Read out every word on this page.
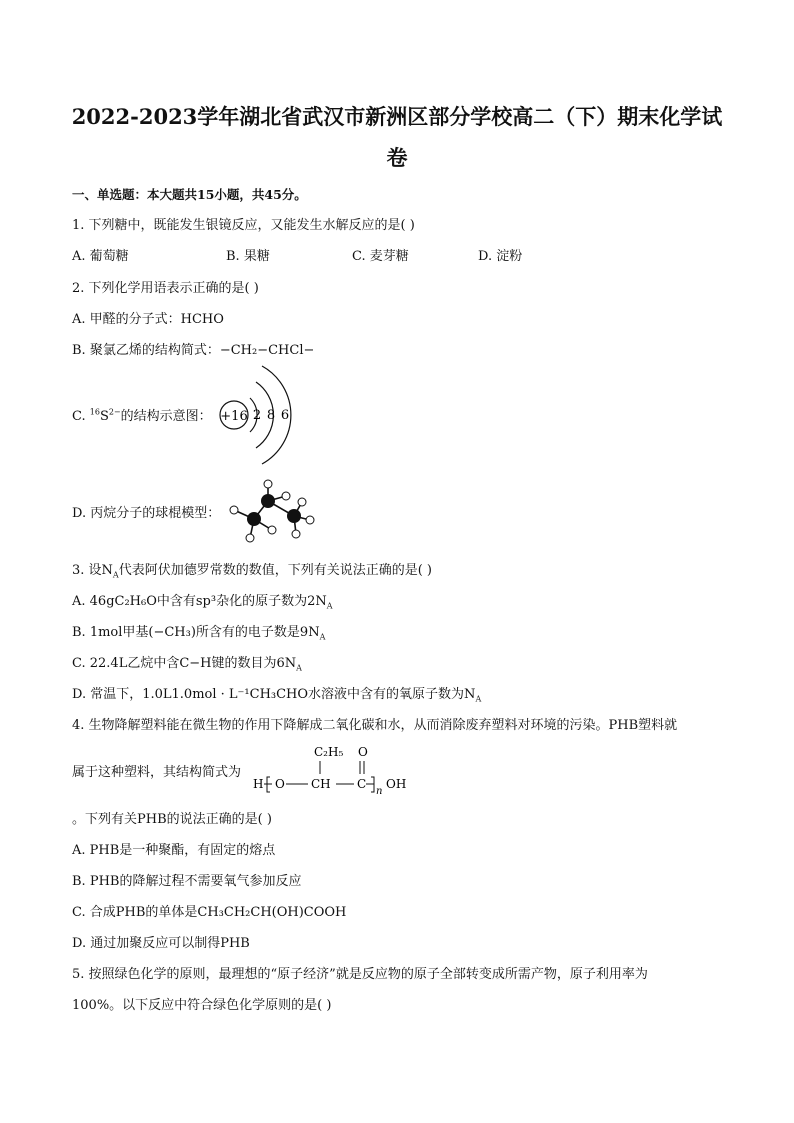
2022-2023学年湖北省武汉市新洲区部分学校高二（下）期末化学试
卷
一、单选题：本大题共15小题，共45分。
1. 下列糖中，既能发生银镜反应，又能发生水解反应的是( )
A. 葡萄糖	B. 果糖	C. 麦芽糖	D. 淀粉
2. 下列化学用语表示正确的是( )
A. 甲醛的分子式：HCHO
B. 聚氯乙烯的结构简式：−CH₂−CHCl−
C. $^{16}S^{2-}$的结构示意图： +16 2 8 6
D. 丙烷分子的球棍模型：
3. 设$N_A$代表阿伏加德罗常数的数值，下列有关说法正确的是( )
A. 46gC₂H₆O中含有sp³杂化的原子数为$2N_A$
B. 1mol甲基(−CH₃)所含有的电子数是$9N_A$
C. 22.4L乙烷中含C−H键的数目为$6N_A$
D. 常温下，1.0L1.0mol · L⁻¹CH₃CHO水溶液中含有的氧原子数为$N_A$
4. 生物降解塑料能在微生物的作用下降解成二氧化碳和水，从而消除废弃塑料对环境的污染。PHB塑料就
属于这种塑料，其结构简式为
C₂H₅ O
H O CH C
n
OH
。下列有关PHB的说法正确的是( )
A. PHB是一种聚酯，有固定的熔点
B. PHB的降解过程不需要氧气参加反应
C. 合成PHB的单体是CH₃CH₂CH(OH)COOH
D. 通过加聚反应可以制得PHB
5. 按照绿色化学的原则，最理想的“原子经济”就是反应物的原子全部转变成所需产物，原子利用率为
100%。以下反应中符合绿色化学原则的是( )
